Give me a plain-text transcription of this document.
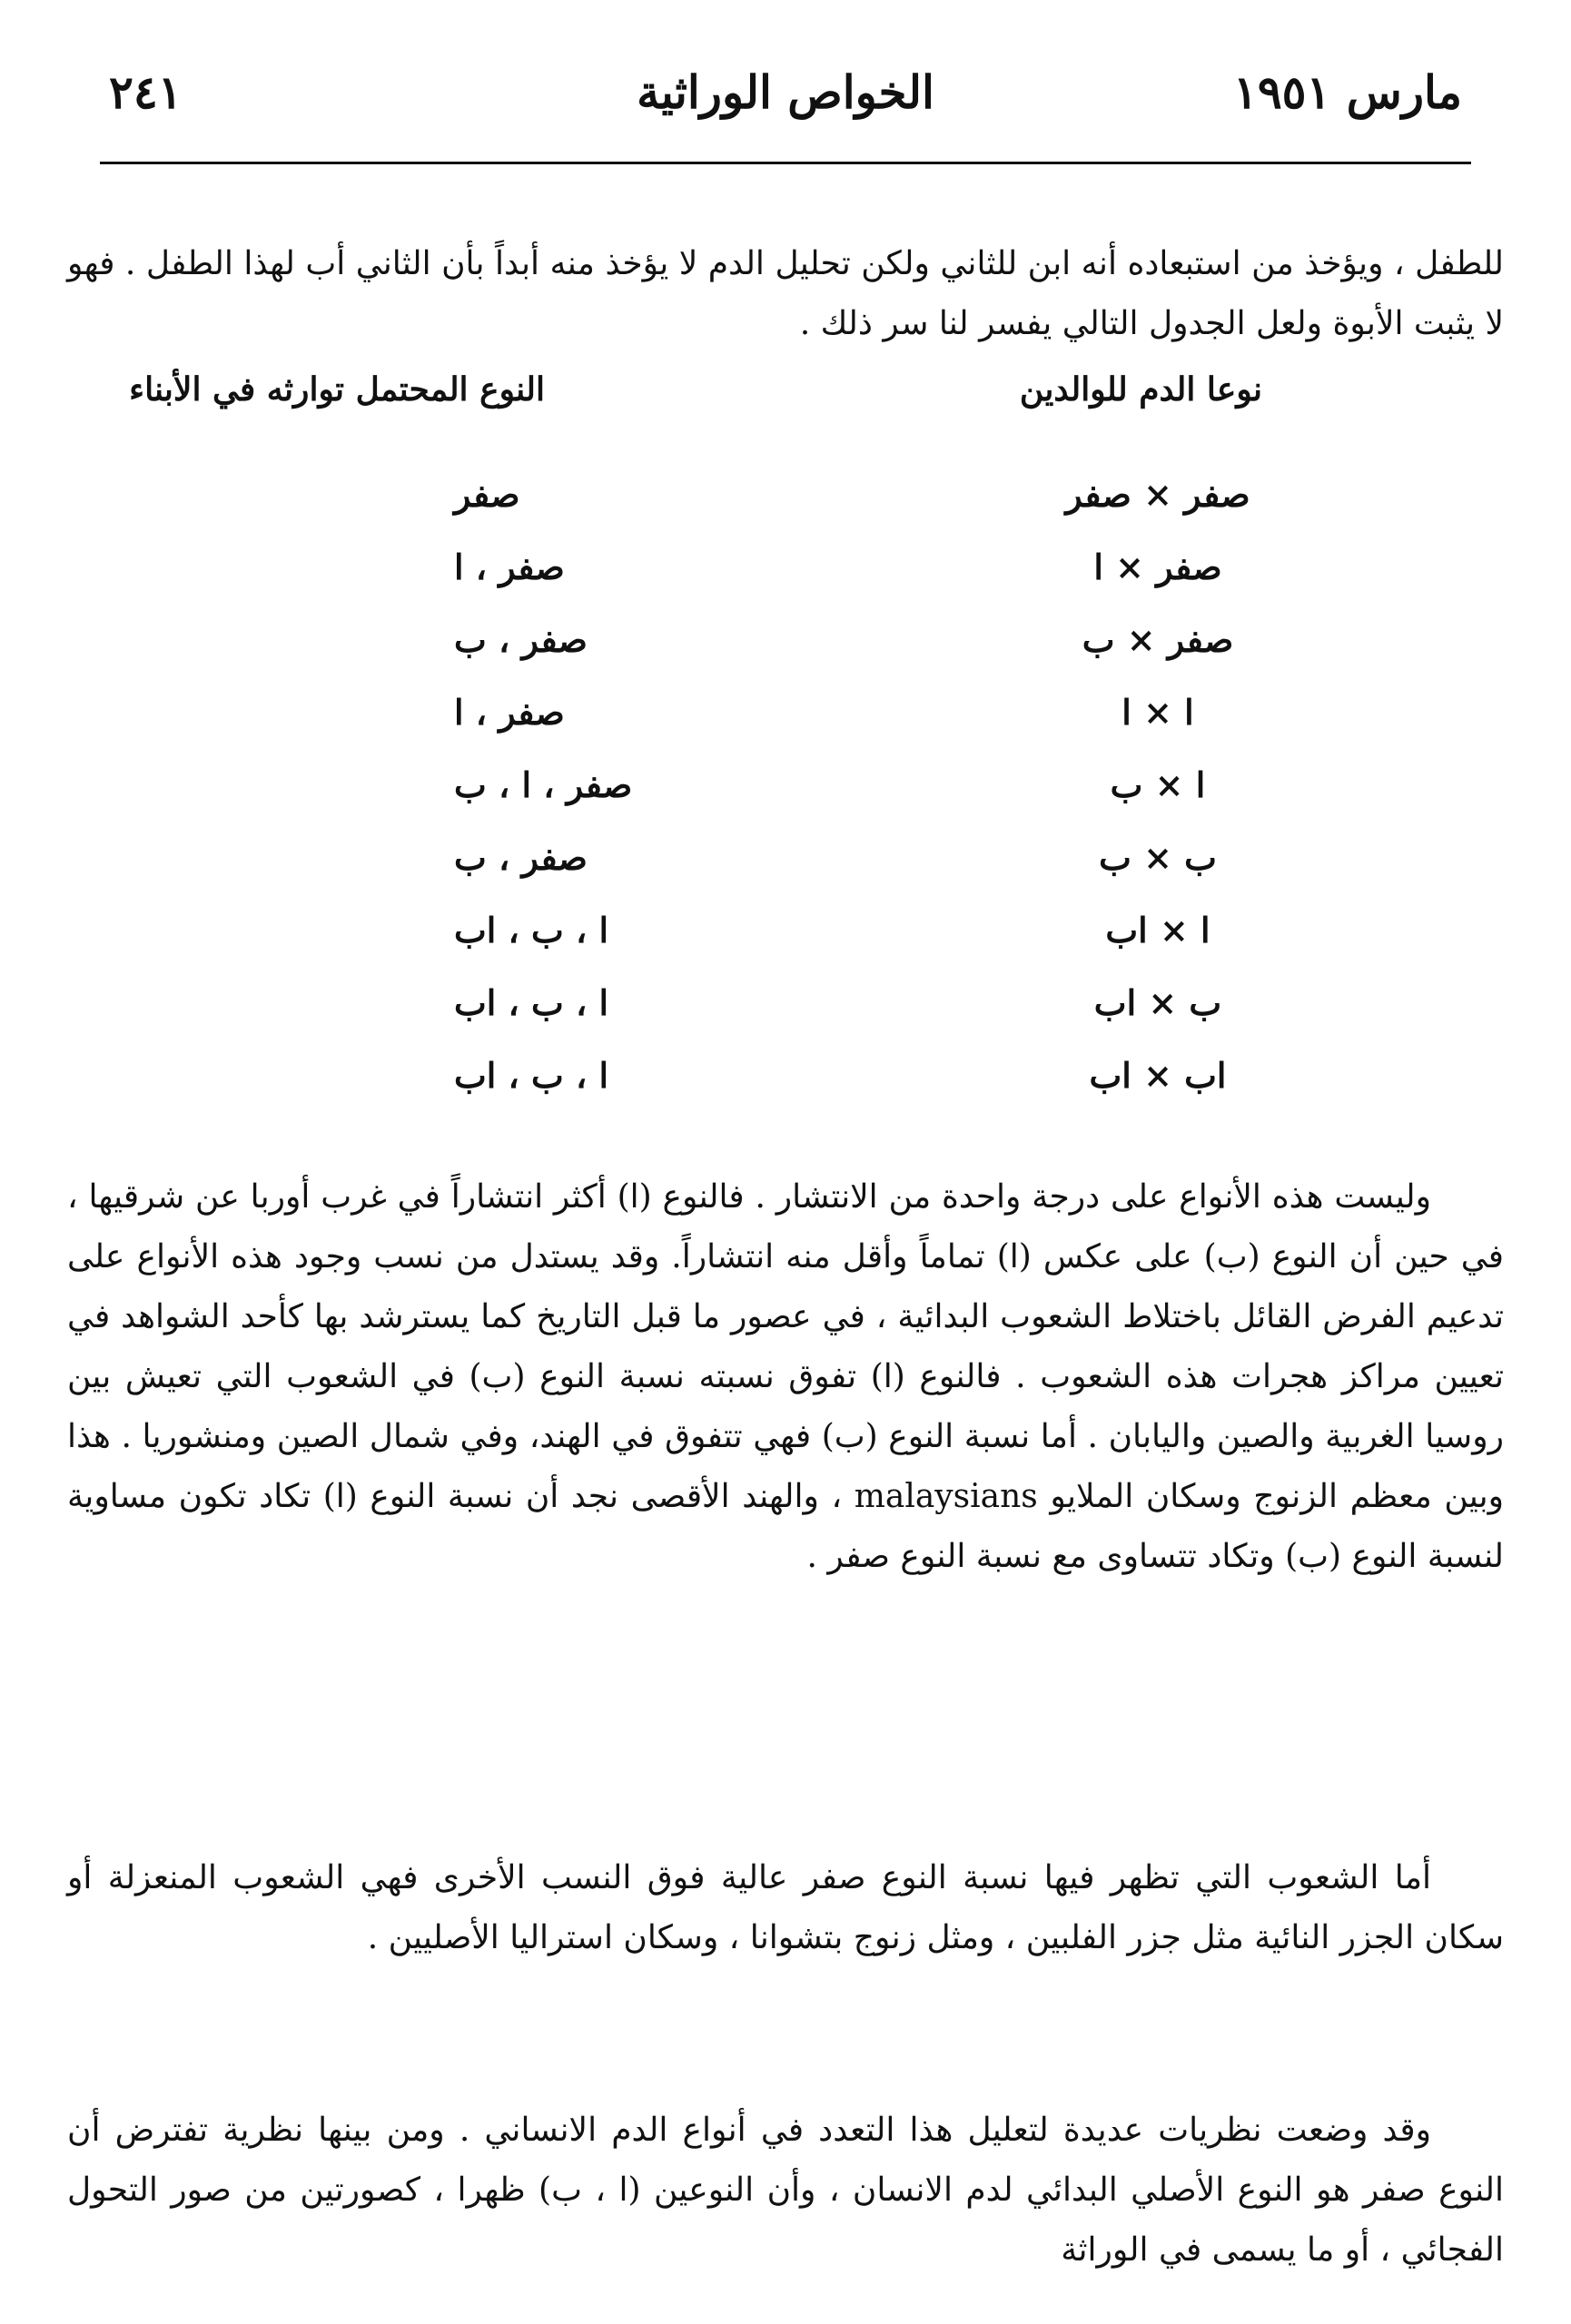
مارس ١٩٥١
الخواص الوراثية
٢٤١

للطفل ، ويؤخذ من استبعاده أنه ابن للثاني ولكن تحليل الدم لا يؤخذ منه أبداً بأن الثاني أب لهذا الطفل . فهو لا يثبت الأبوة ولعل الجدول التالي يفسر لنا سر ذلك .

نوعا الدم للوالدين
النوع المحتمل توارثه في الأبناء
صفر × صفر
صفر
صفر × ا
صفر ، ا
صفر × ب
صفر ، ب
ا × ا
صفر ، ا
ا × ب
صفر ، ا ، ب
ب × ب
صفر ، ب
ا × اب
ا ، ب ، اب
ب × اب
ا ، ب ، اب
اب × اب
ا ، ب ، اب

وليست هذه الأنواع على درجة واحدة من الانتشار . فالنوع (ا) أكثر انتشاراً في غرب أوربا عن شرقيها ، في حين أن النوع (ب) على عكس (ا) تماماً وأقل منه انتشاراً. وقد يستدل من نسب وجود هذه الأنواع على تدعيم الفرض القائل باختلاط الشعوب البدائية ، في عصور ما قبل التاريخ كما يسترشد بها كأحد الشواهد في تعيين مراكز هجرات هذه الشعوب . فالنوع (ا) تفوق نسبته نسبة النوع (ب) في الشعوب التي تعيش بين روسيا الغربية والصين واليابان . أما نسبة النوع (ب) فهي تتفوق في الهند، وفي شمال الصين ومنشوريا . هذا وبين معظم الزنوج وسكان الملايو malaysians ، والهند الأقصى نجد أن نسبة النوع (ا) تكاد تكون مساوية لنسبة النوع (ب) وتكاد تتساوى مع نسبة النوع صفر .

أما الشعوب التي تظهر فيها نسبة النوع صفر عالية فوق النسب الأخرى فهي الشعوب المنعزلة أو سكان الجزر النائية مثل جزر الفلبين ، ومثل زنوج بتشوانا ، وسكان استراليا الأصليين .

وقد وضعت نظريات عديدة لتعليل هذا التعدد في أنواع الدم الانساني . ومن بينها نظرية تفترض أن النوع صفر هو النوع الأصلي البدائي لدم الانسان ، وأن النوعين (ا ، ب) ظهرا ، كصورتين من صور التحول الفجائي ، أو ما يسمى في الوراثة
